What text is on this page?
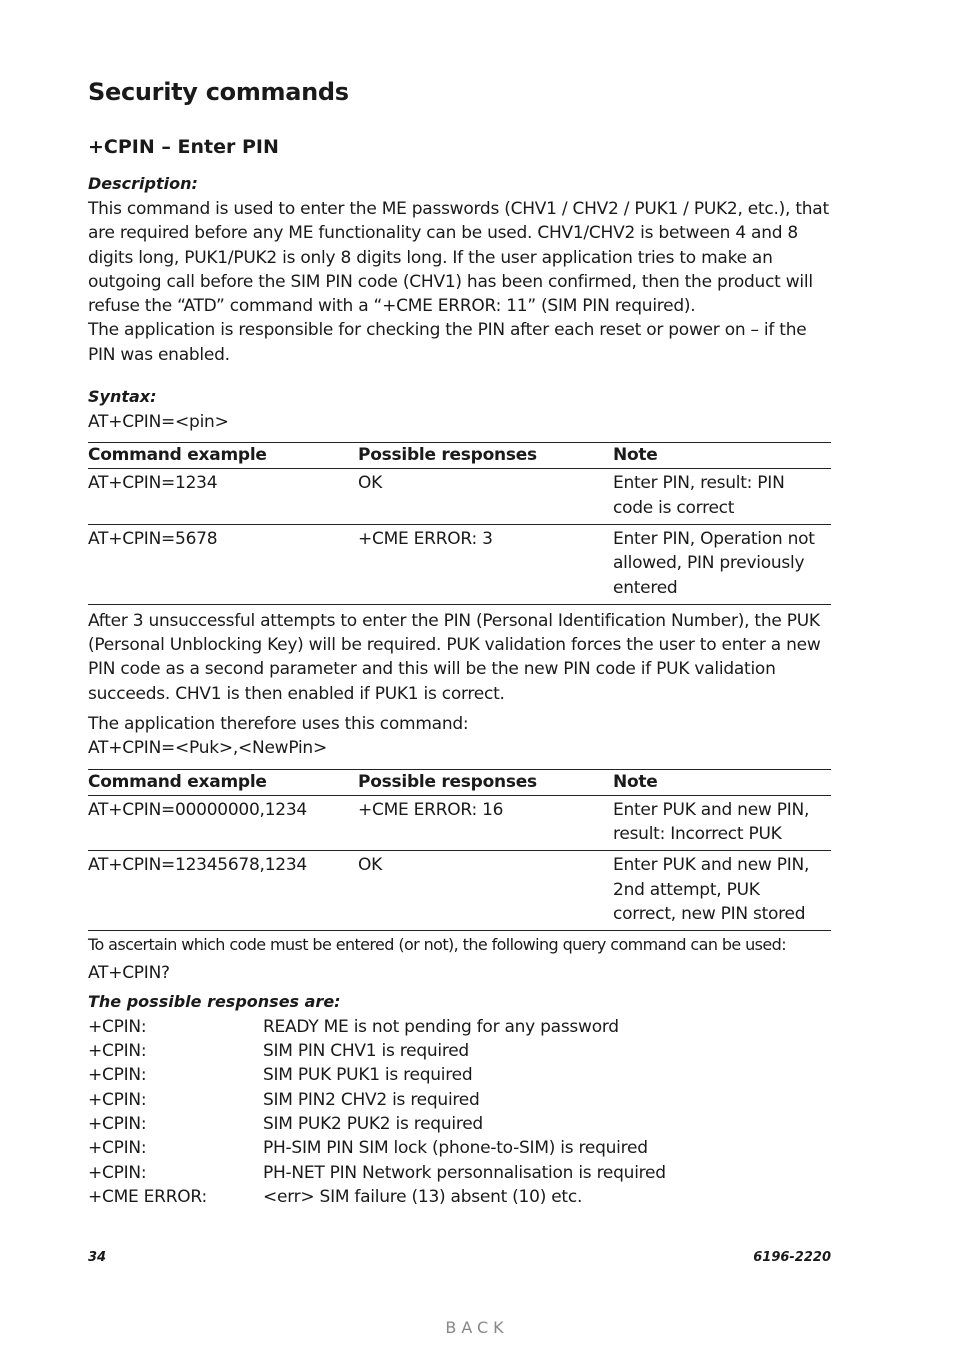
Security commands
+CPIN – Enter PIN
Description:

This command is used to enter the ME passwords (CHV1 / CHV2 / PUK1 / PUK2, etc.), that are required before any ME functionality can be used. CHV1/CHV2 is between 4 and 8 digits long, PUK1/PUK2 is only 8 digits long. If the user application tries to make an outgoing call before the SIM PIN code (CHV1) has been confirmed, then the product will refuse the “ATD” command with a “+CME ERROR: 11” (SIM PIN required).

The application is responsible for checking the PIN after each reset or power on – if the PIN was enabled.

Syntax:

AT+CPIN=<pin>

Command example	Possible responses	Note
AT+CPIN=1234	OK	Enter PIN, result: PIN code is correct
AT+CPIN=5678	+CME ERROR: 3	Enter PIN, Operation not allowed, PIN previously entered

After 3 unsuccessful attempts to enter the PIN (Personal Identification Number), the PUK (Personal Unblocking Key) will be required. PUK validation forces the user to enter a new PIN code as a second parameter and this will be the new PIN code if PUK validation succeeds. CHV1 is then enabled if PUK1 is correct.

The application therefore uses this command:

AT+CPIN=<Puk>,<NewPin>

Command example	Possible responses	Note
AT+CPIN=00000000,1234	+CME ERROR: 16	Enter PUK and new PIN, result: Incorrect PUK
AT+CPIN=12345678,1234	OK	Enter PUK and new PIN, 2nd attempt, PUK correct, new PIN stored

To ascertain which code must be entered (or not), the following query command can be used:

AT+CPIN?

The possible responses are:
+CPIN:	READY ME is not pending for any password
+CPIN:	SIM PIN CHV1 is required
+CPIN:	SIM PUK PUK1 is required
+CPIN:	SIM PIN2 CHV2 is required
+CPIN:	SIM PUK2 PUK2 is required
+CPIN:	PH-SIM PIN SIM lock (phone-to-SIM) is required
+CPIN:	PH-NET PIN Network personnalisation is required
+CME ERROR:	<err> SIM failure (13) absent (10) etc.
34	6196-2220
BACK
